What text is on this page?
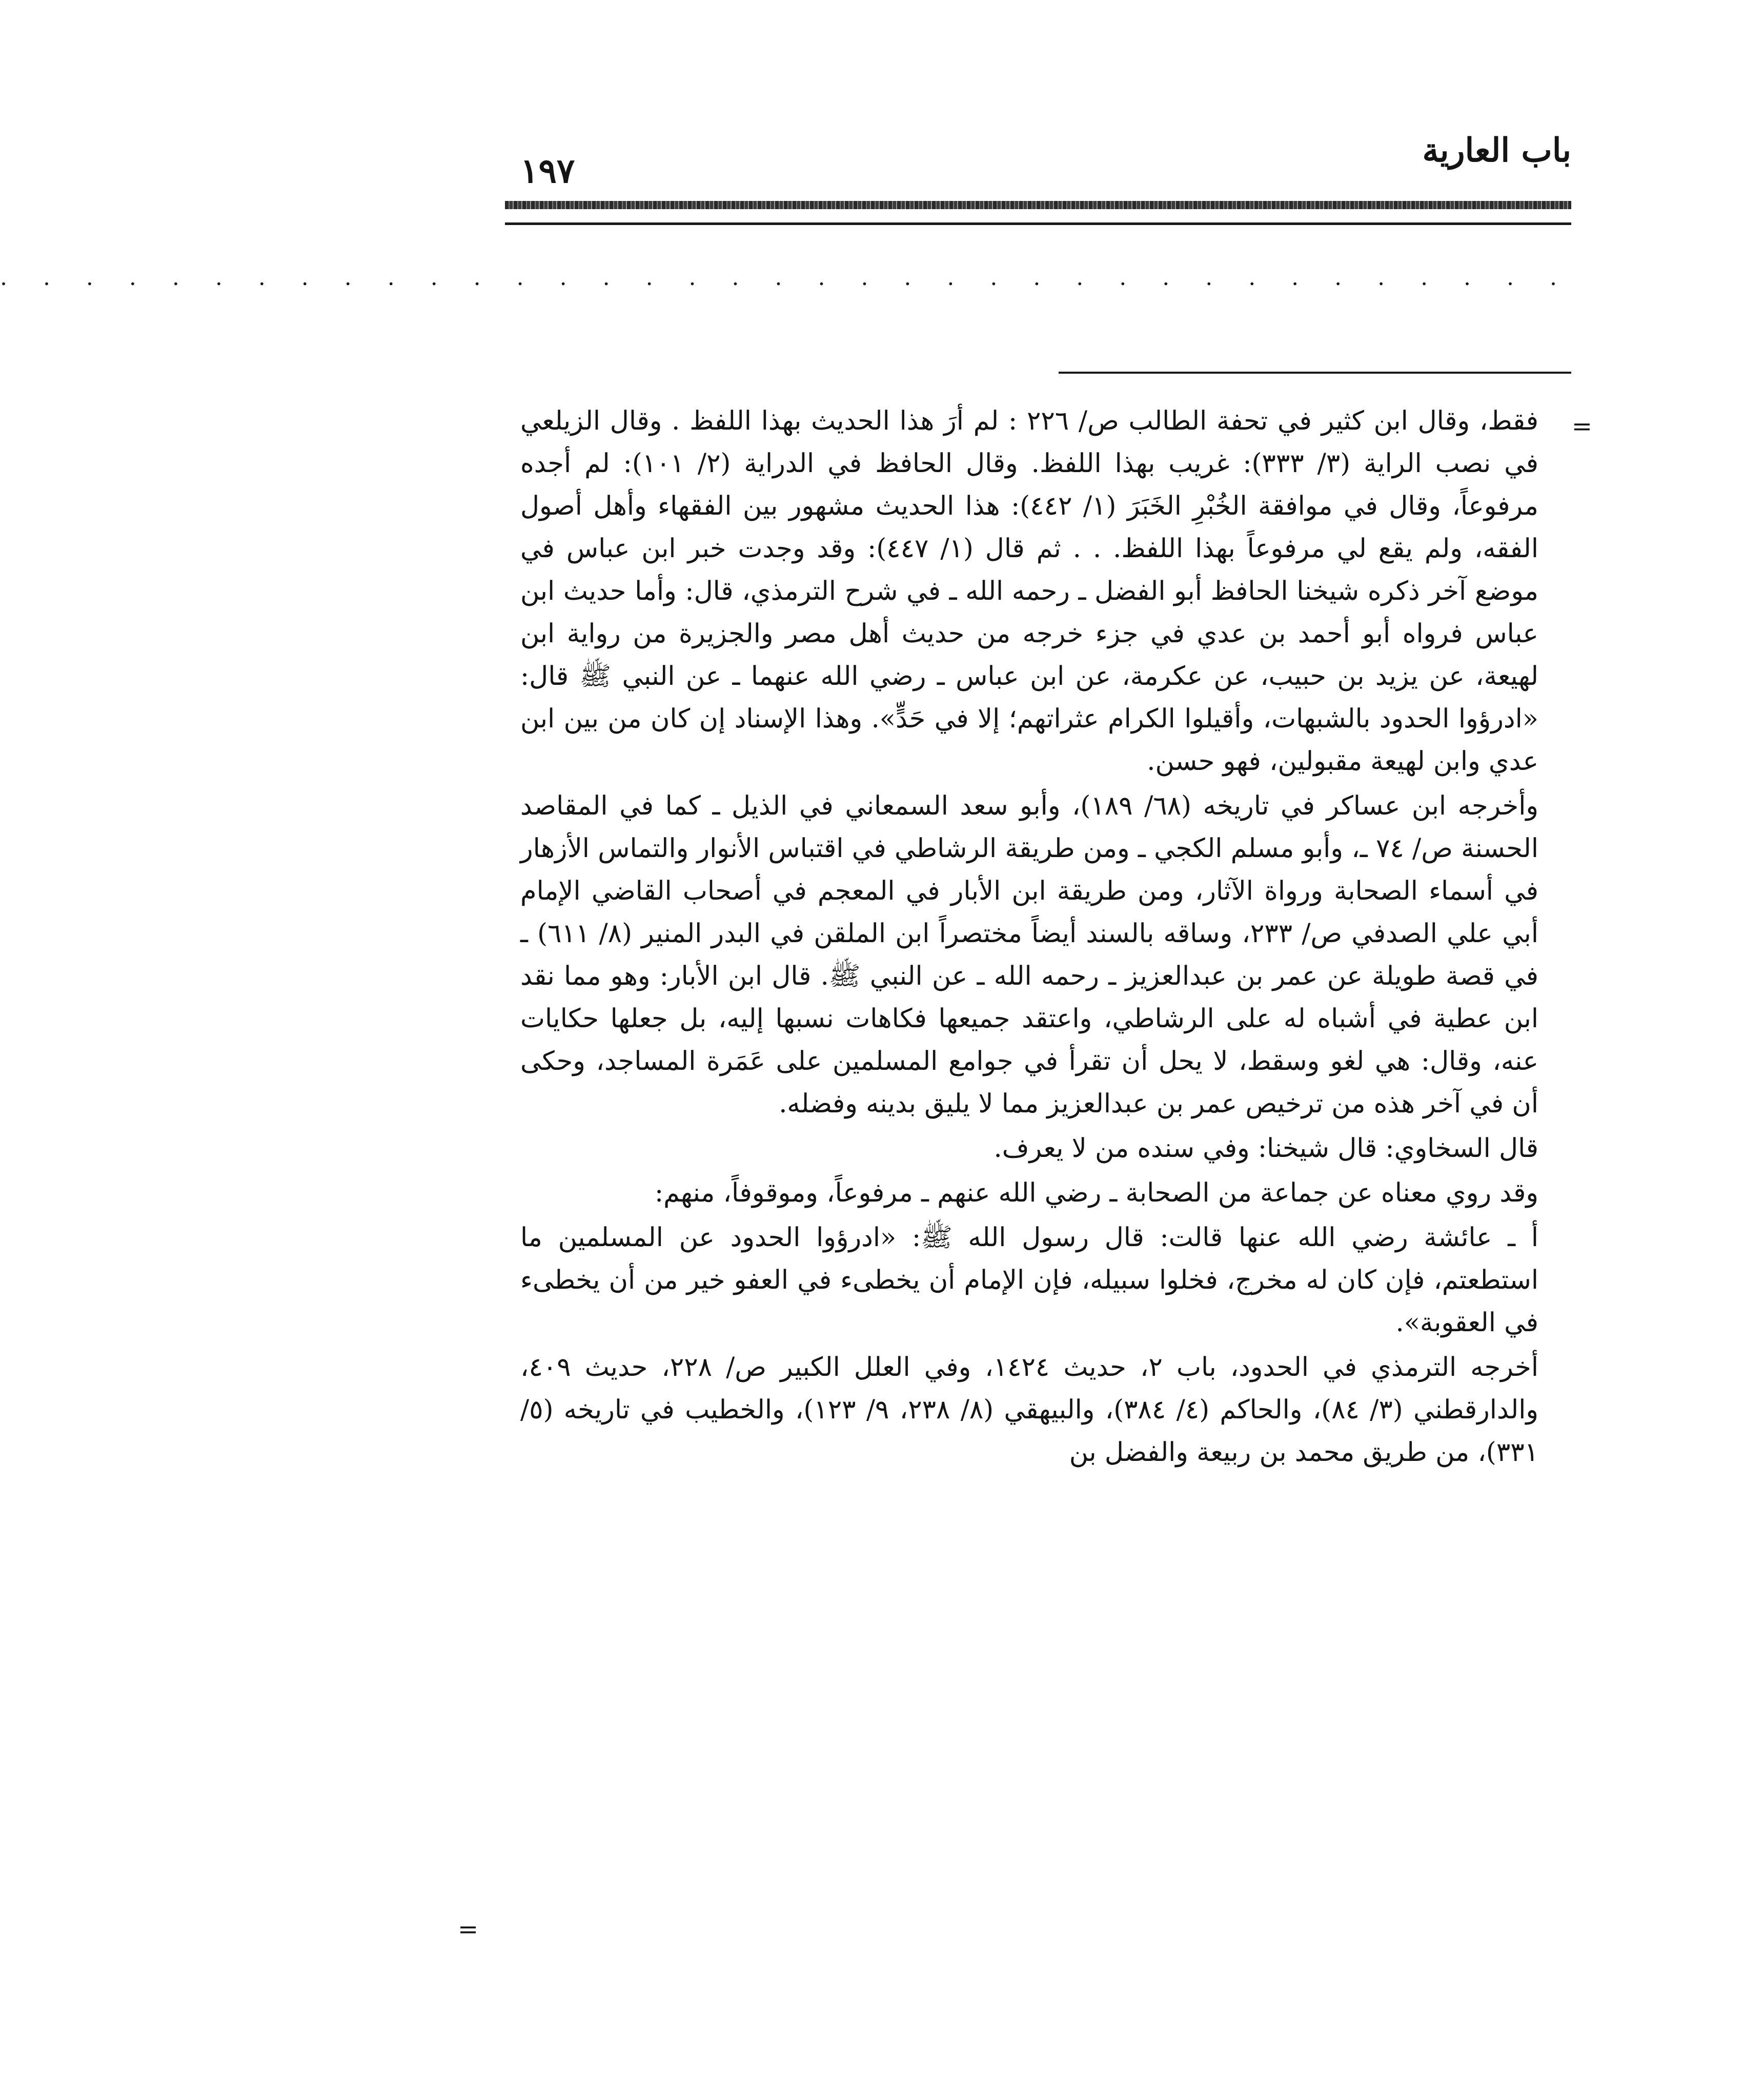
باب العارية
١٩٧
. . . . . . . . . . . . . . . . . . . . . . . . . . . . . . . . . . . . .
=

فقط، وقال ابن كثير في تحفة الطالب ص/ ٢٢٦ : لم أرَ هذا الحديث بهذا اللفظ . وقال الزيلعي في نصب الراية (٣/ ٣٣٣): غريب بهذا اللفظ. وقال الحافظ في الدراية (٢/ ١٠١): لم أجده مرفوعاً، وقال في موافقة الخُبْرِ الخَبَرَ (١/ ٤٤٢): هذا الحديث مشهور بين الفقهاء وأهل أصول الفقه، ولم يقع لي مرفوعاً بهذا اللفظ. . . ثم قال (١/ ٤٤٧): وقد وجدت خبر ابن عباس في موضع آخر ذكره شيخنا الحافظ أبو الفضل ـ رحمه الله ـ في شرح الترمذي، قال: وأما حديث ابن عباس فرواه أبو أحمد بن عدي في جزء خرجه من حديث أهل مصر والجزيرة من رواية ابن لهيعة، عن يزيد بن حبيب، عن عكرمة، عن ابن عباس ـ رضي الله عنهما ـ عن النبي ﷺ قال: «ادرؤوا الحدود بالشبهات، وأقيلوا الكرام عثراتهم؛ إلا في حَدٍّ». وهذا الإسناد إن كان من بين ابن عدي وابن لهيعة مقبولين، فهو حسن.

وأخرجه ابن عساكر في تاريخه (٦٨/ ١٨٩)، وأبو سعد السمعاني في الذيل ـ كما في المقاصد الحسنة ص/ ٧٤ ـ، وأبو مسلم الكجي ـ ومن طريقة الرشاطي في اقتباس الأنوار والتماس الأزهار في أسماء الصحابة ورواة الآثار، ومن طريقة ابن الأبار في المعجم في أصحاب القاضي الإمام أبي علي الصدفي ص/ ٢٣٣، وساقه بالسند أيضاً مختصراً ابن الملقن في البدر المنير (٨/ ٦١١) ـ في قصة طويلة عن عمر بن عبدالعزيز ـ رحمه الله ـ عن النبي ﷺ. قال ابن الأبار: وهو مما نقد ابن عطية في أشباه له على الرشاطي، واعتقد جميعها فكاهات نسبها إليه، بل جعلها حكايات عنه، وقال: هي لغو وسقط، لا يحل أن تقرأ في جوامع المسلمين على عَمَرة المساجد، وحكى أن في آخر هذه من ترخيص عمر بن عبدالعزيز مما لا يليق بدينه وفضله.

قال السخاوي: قال شيخنا: وفي سنده من لا يعرف.

وقد روي معناه عن جماعة من الصحابة ـ رضي الله عنهم ـ مرفوعاً، وموقوفاً، منهم:

أ ـ عائشة رضي الله عنها قالت: قال رسول الله ﷺ: «ادرؤوا الحدود عن المسلمين ما استطعتم، فإن كان له مخرج، فخلوا سبيله، فإن الإمام أن يخطىء في العفو خير من أن يخطىء في العقوبة».

أخرجه الترمذي في الحدود، باب ٢، حديث ١٤٢٤، وفي العلل الكبير ص/ ٢٢٨، حديث ٤٠٩، والدارقطني (٣/ ٨٤)، والحاكم (٤/ ٣٨٤)، والبيهقي (٨/ ٢٣٨، ٩/ ١٢٣)، والخطيب في تاريخه (٥/ ٣٣١)، من طريق محمد بن ربيعة والفضل بن

=
